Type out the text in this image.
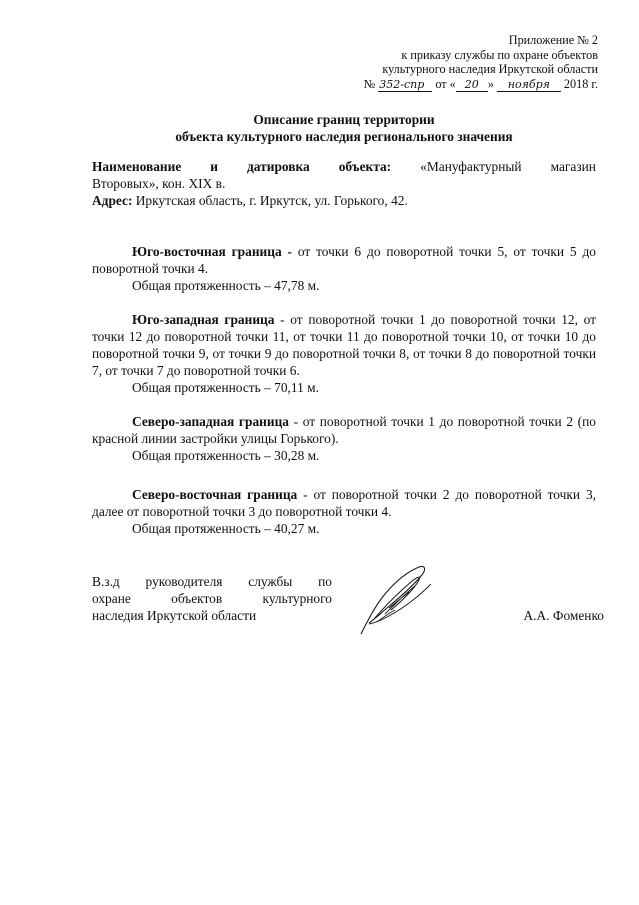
Приложение № 2
к приказу службы по охране объектов
культурного наследия Иркутской области
№ 352-спр от « 20 » ноября 2018 г.
Описание границ территории
объекта культурного наследия регионального значения
Наименование и датировка объекта: «Мануфактурный магазин
Второвых», кон. XIX в.
Адрес: Иркутская область, г. Иркутск, ул. Горького, 42.

Юго-восточная граница - от точки 6 до поворотной точки 5, от точки 5 до поворотной точки 4.

Общая протяженность – 47,78 м.

Юго-западная граница - от поворотной точки 1 до поворотной точки 12, от точки 12 до поворотной точки 11, от точки 11 до поворотной точки 10, от точки 10 до поворотной точки 9, от точки 9 до поворотной точки 8, от точки 8 до поворотной точки 7, от точки 7 до поворотной точки 6.

Общая протяженность – 70,11 м.

Северо-западная граница - от поворотной точки 1 до поворотной точки 2 (по красной линии застройки улицы Горького).

Общая протяженность – 30,28 м.

Северо-восточная граница - от поворотной точки 2 до поворотной точки 3, далее от поворотной точки 3 до поворотной точки 4.

Общая протяженность – 40,27 м.

В.з.д руководителя службы по
охране объектов культурного
наследия Иркутской области	А.А. Фоменко
